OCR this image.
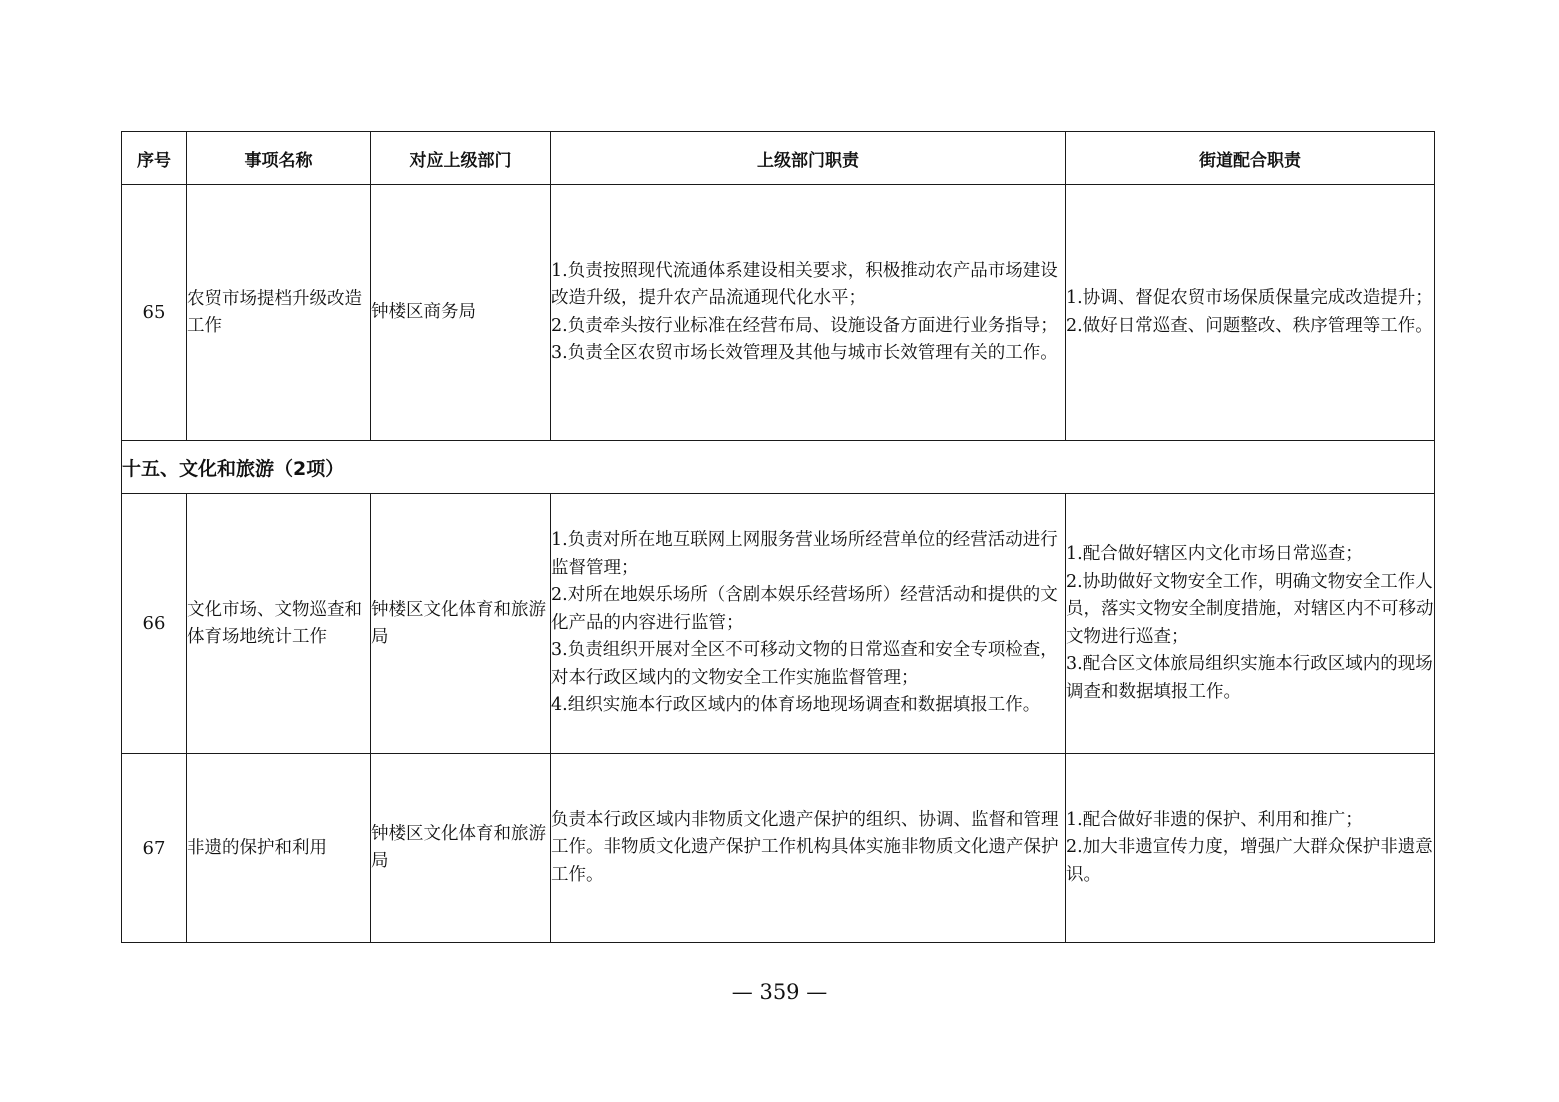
序号	事项名称	对应上级部门	上级部门职责	街道配合职责
65	农贸市场提档升级改造工作	钟楼区商务局	1.负责按照现代流通体系建设相关要求，积极推动农产品市场建设改造升级，提升农产品流通现代化水平；
2.负责牵头按行业标准在经营布局、设施设备方面进行业务指导；
3.负责全区农贸市场长效管理及其他与城市长效管理有关的工作。	1.协调、督促农贸市场保质保量完成改造提升；
2.做好日常巡查、问题整改、秩序管理等工作。

十五、文化和旅游（2项）				
66	文化市场、文物巡查和体育场地统计工作	钟楼区文化体育和旅游局	1.负责对所在地互联网上网服务营业场所经营单位的经营活动进行监督管理；
2.对所在地娱乐场所（含剧本娱乐经营场所）经营活动和提供的文化产品的内容进行监管；
3.负责组织开展对全区不可移动文物的日常巡查和安全专项检查，对本行政区域内的文物安全工作实施监督管理；
4.组织实施本行政区域内的体育场地现场调查和数据填报工作。	1.配合做好辖区内文化市场日常巡查；
2.协助做好文物安全工作，明确文物安全工作人员，落实文物安全制度措施，对辖区内不可移动文物进行巡查；
3.配合区文体旅局组织实施本行政区域内的现场调查和数据填报工作。

67	非遗的保护和利用	钟楼区文化体育和旅游局	负责本行政区域内非物质文化遗产保护的组织、协调、监督和管理工作。非物质文化遗产保护工作机构具体实施非物质文化遗产保护工作。	1.配合做好非遗的保护、利用和推广；
2.加大非遗宣传力度，增强广大群众保护非遗意识。
— 359 —
